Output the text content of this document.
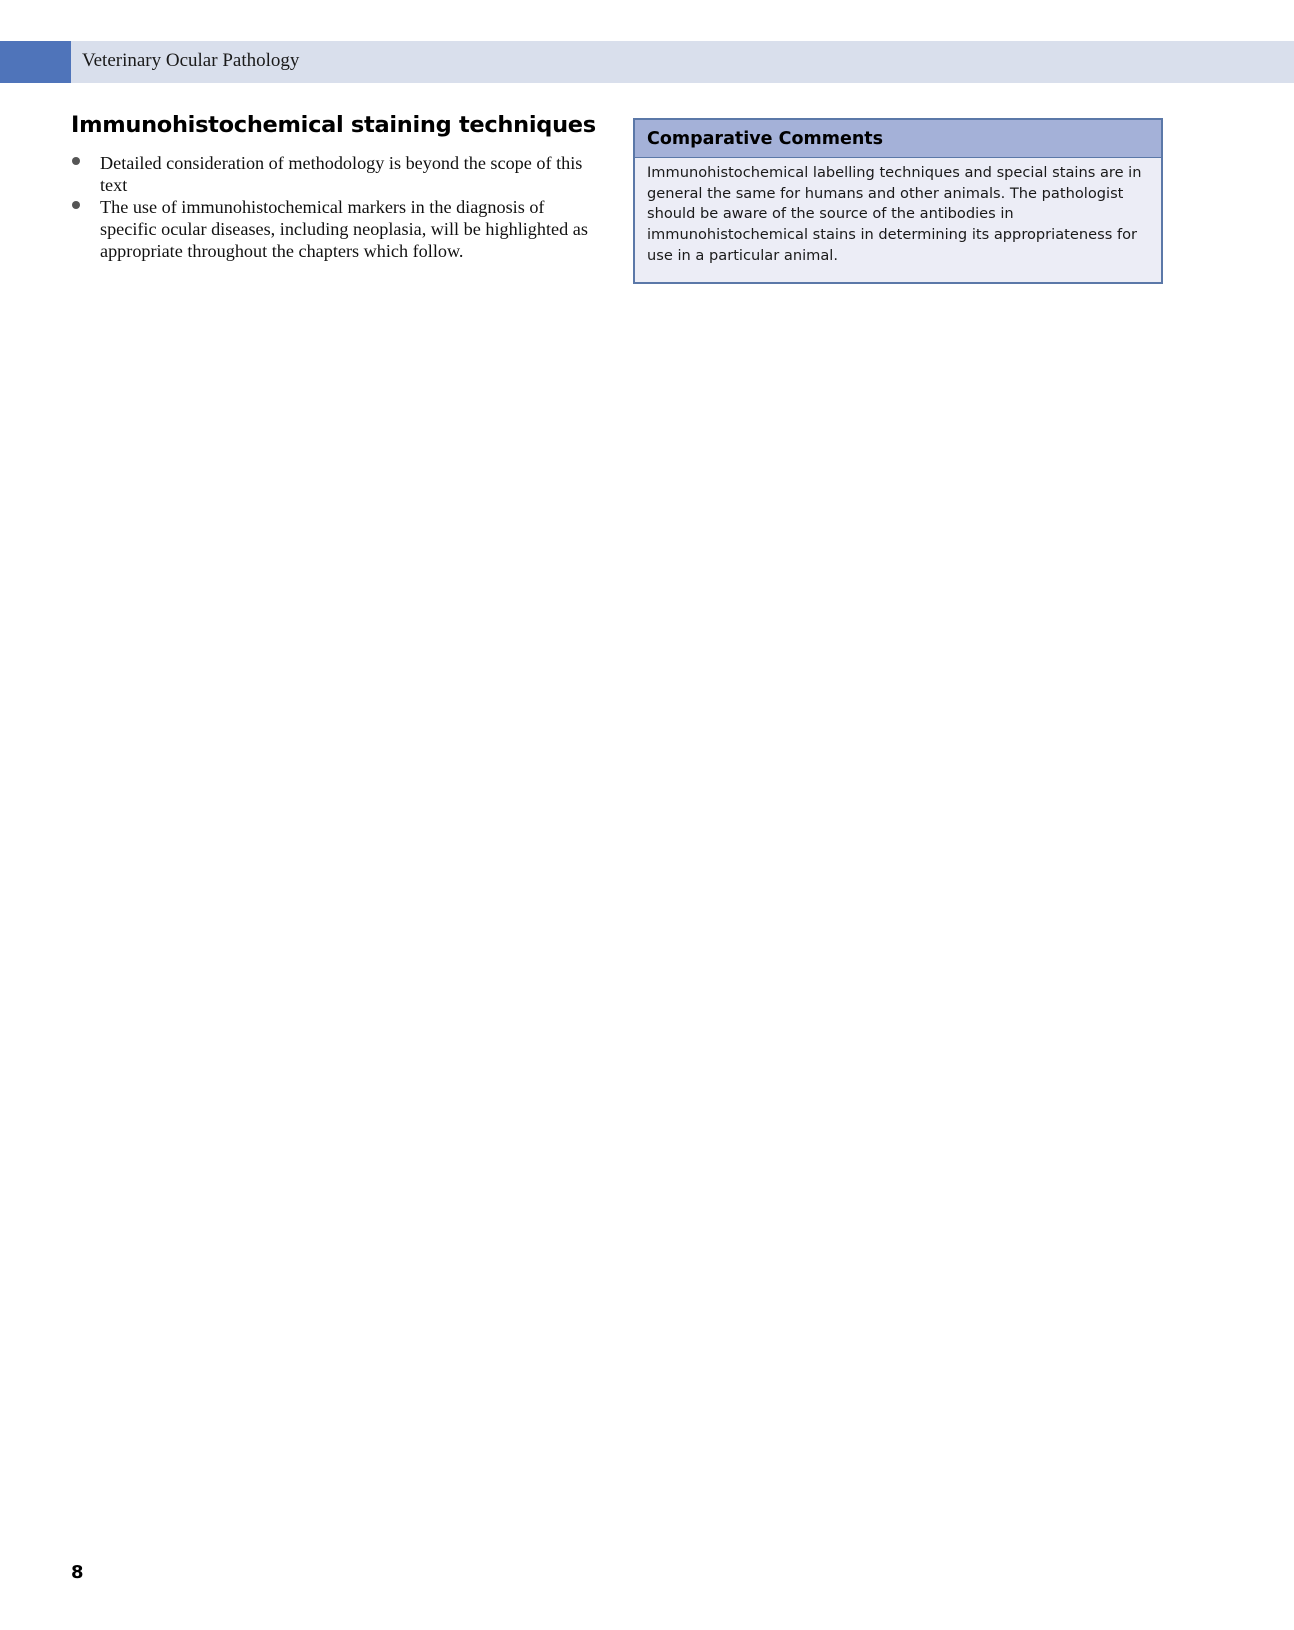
Veterinary Ocular Pathology
Immunohistochemical staining techniques
Detailed consideration of methodology is beyond the scope of this text
The use of immunohistochemical markers in the diagnosis of specific ocular diseases, including neoplasia, will be highlighted as appropriate throughout the chapters which follow.
Comparative Comments
Immunohistochemical labelling techniques and special stains are in general the same for humans and other animals. The pathologist should be aware of the source of the antibodies in immunohistochemical stains in determining its appropriateness for use in a particular animal.
8
